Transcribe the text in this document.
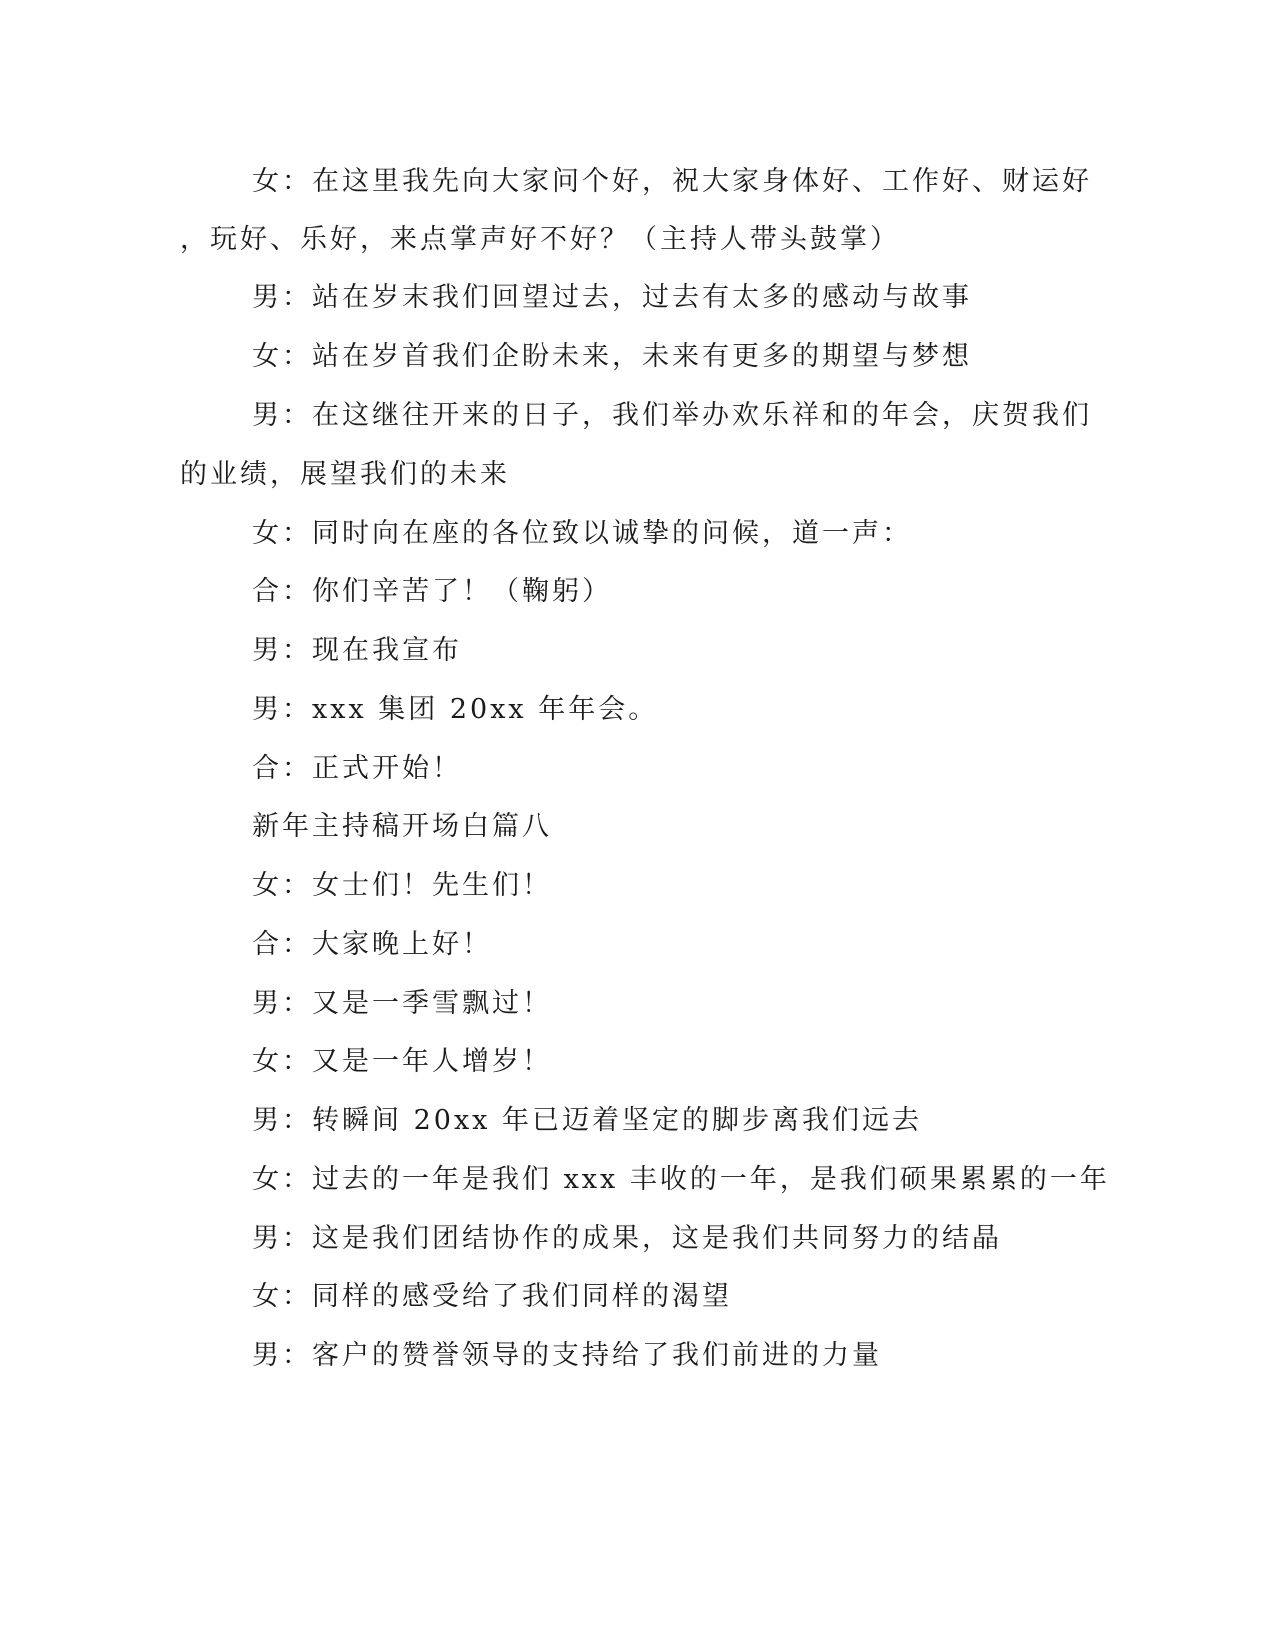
女：在这里我先向大家问个好，祝大家身体好、工作好、财运好
，玩好、乐好，来点掌声好不好？（主持人带头鼓掌）
男：站在岁末我们回望过去，过去有太多的感动与故事
女：站在岁首我们企盼未来，未来有更多的期望与梦想
男：在这继往开来的日子，我们举办欢乐祥和的年会，庆贺我们
的业绩，展望我们的未来
女：同时向在座的各位致以诚挚的问候，道一声：
合：你们辛苦了！（鞠躬）
男：现在我宣布
男：xxx 集团 20xx 年年会。
合：正式开始！
新年主持稿开场白篇八
女：女士们！先生们！
合：大家晚上好！
男：又是一季雪飘过！
女：又是一年人增岁！
男：转瞬间 20xx 年已迈着坚定的脚步离我们远去
女：过去的一年是我们 xxx 丰收的一年，是我们硕果累累的一年
男：这是我们团结协作的成果，这是我们共同努力的结晶
女：同样的感受给了我们同样的渴望
男：客户的赞誉领导的支持给了我们前进的力量
